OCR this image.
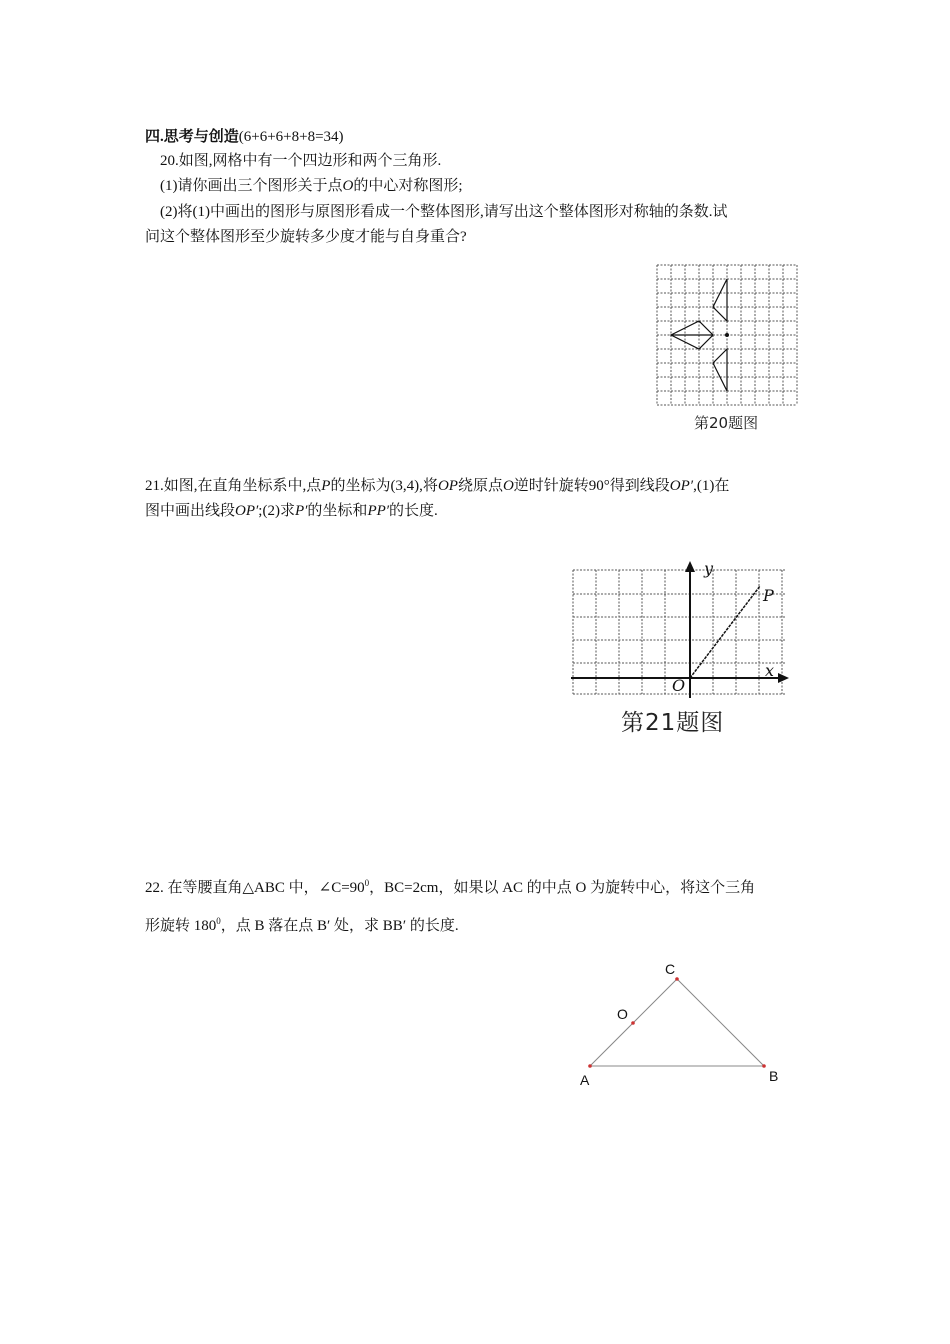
四.思考与创造(6+6+6+8+8=34)
20.如图,网格中有一个四边形和两个三角形.
(1)请你画出三个图形关于点O的中心对称图形;
(2)将(1)中画出的图形与原图形看成一个整体图形,请写出这个整体图形对称轴的条数.试
问这个整体图形至少旋转多少度才能与自身重合?
第20题图
21.如图,在直角坐标系中,点P的坐标为(3,4),将OP绕原点O逆时针旋转90°得到线段OP′,(1)在
图中画出线段OP′;(2)求P′的坐标和PP′的长度.
y
x
O
P
第21题图
22. 在等腰直角△ABC 中，$\angle C=90^0$，BC=2cm，如果以 AC 的中点 O 为旋转中心，将这个三角
形旋转 $180^0$，点 B 落在点 B′ 处，求 BB′ 的长度.
A	B
C
O
